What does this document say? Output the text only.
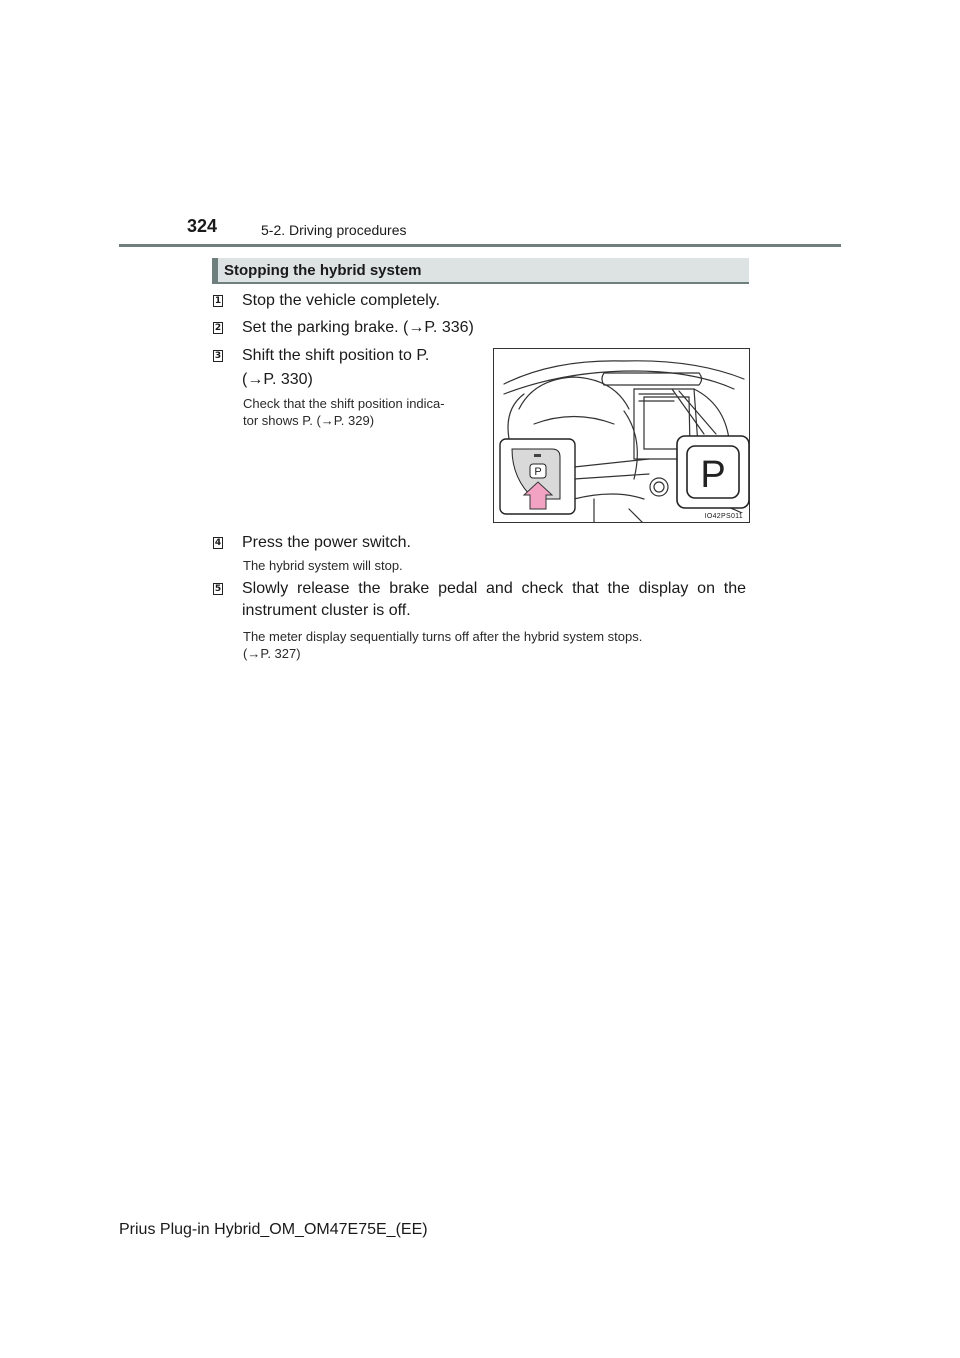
324	5-2. Driving procedures
Stopping the hybrid system
1 Stop the vehicle completely.
2 Set the parking brake. (→P. 336)
3 Shift the shift position to P.
(→P. 330)
Check that the shift position indica-
tor shows P. (→P. 329)
P	P
IO42PS011
4 Press the power switch.
The hybrid system will stop.
5 Slowly release the brake pedal and check that the display on the
instrument cluster is off.
The meter display sequentially turns off after the hybrid system stops.
(→P. 327)
Prius Plug-in Hybrid_OM_OM47E75E_(EE)
